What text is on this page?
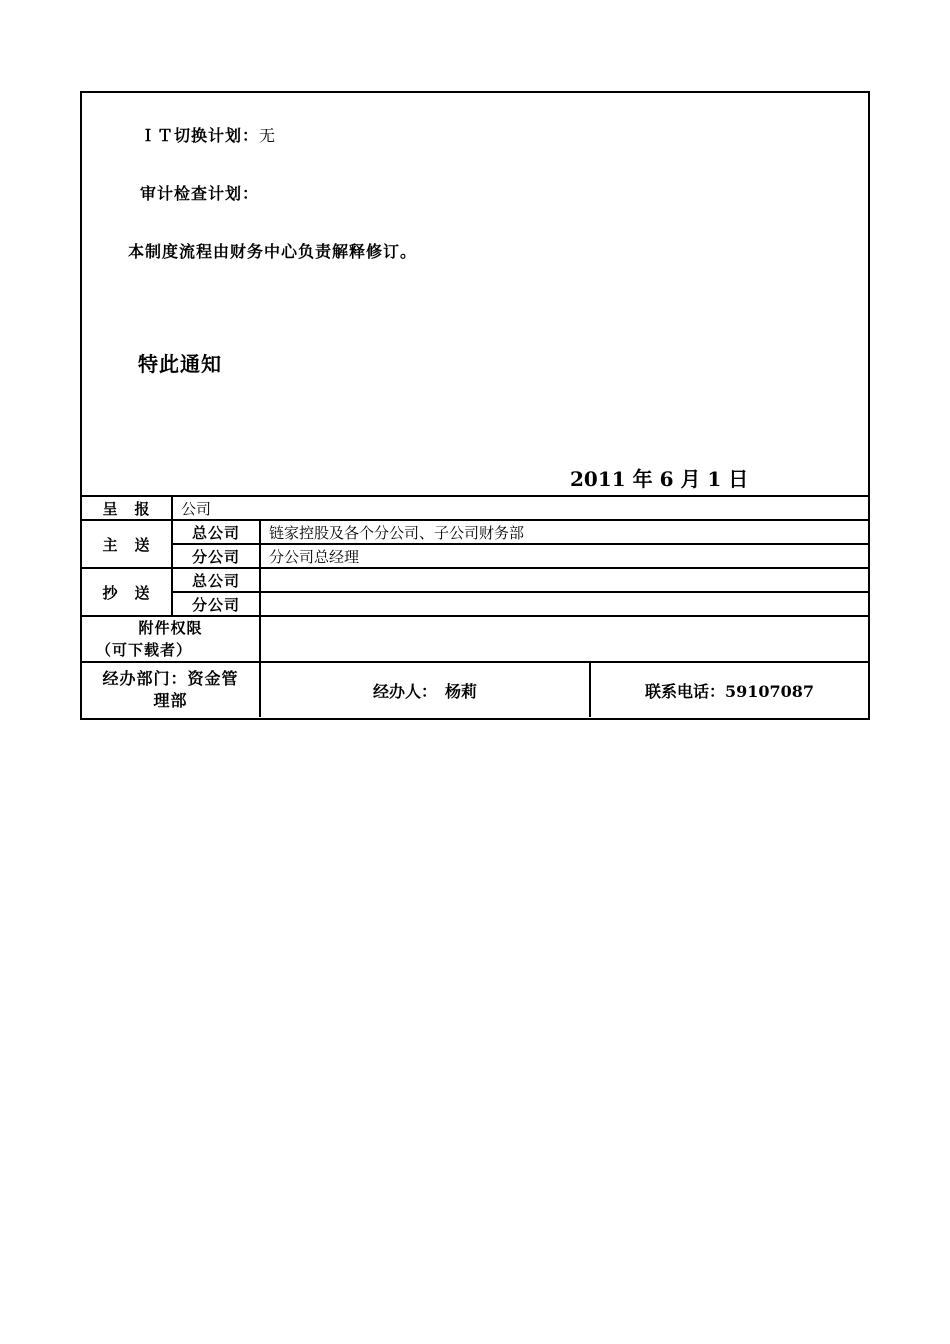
ＩＴ切换计划：无
审计检查计划：
本制度流程由财务中心负责解释修订。
特此通知
2011 年 6 月 1 日
呈　报	公司		
主　送	总公司	链家控股及各个分公司、子公司财务部	
	分公司	分公司总经理	
抄　送	总公司		
	分公司		

附件权限
（可下载者）			

经办部门：资金管
理部		经办人：　杨莉	联系电话：59107087
